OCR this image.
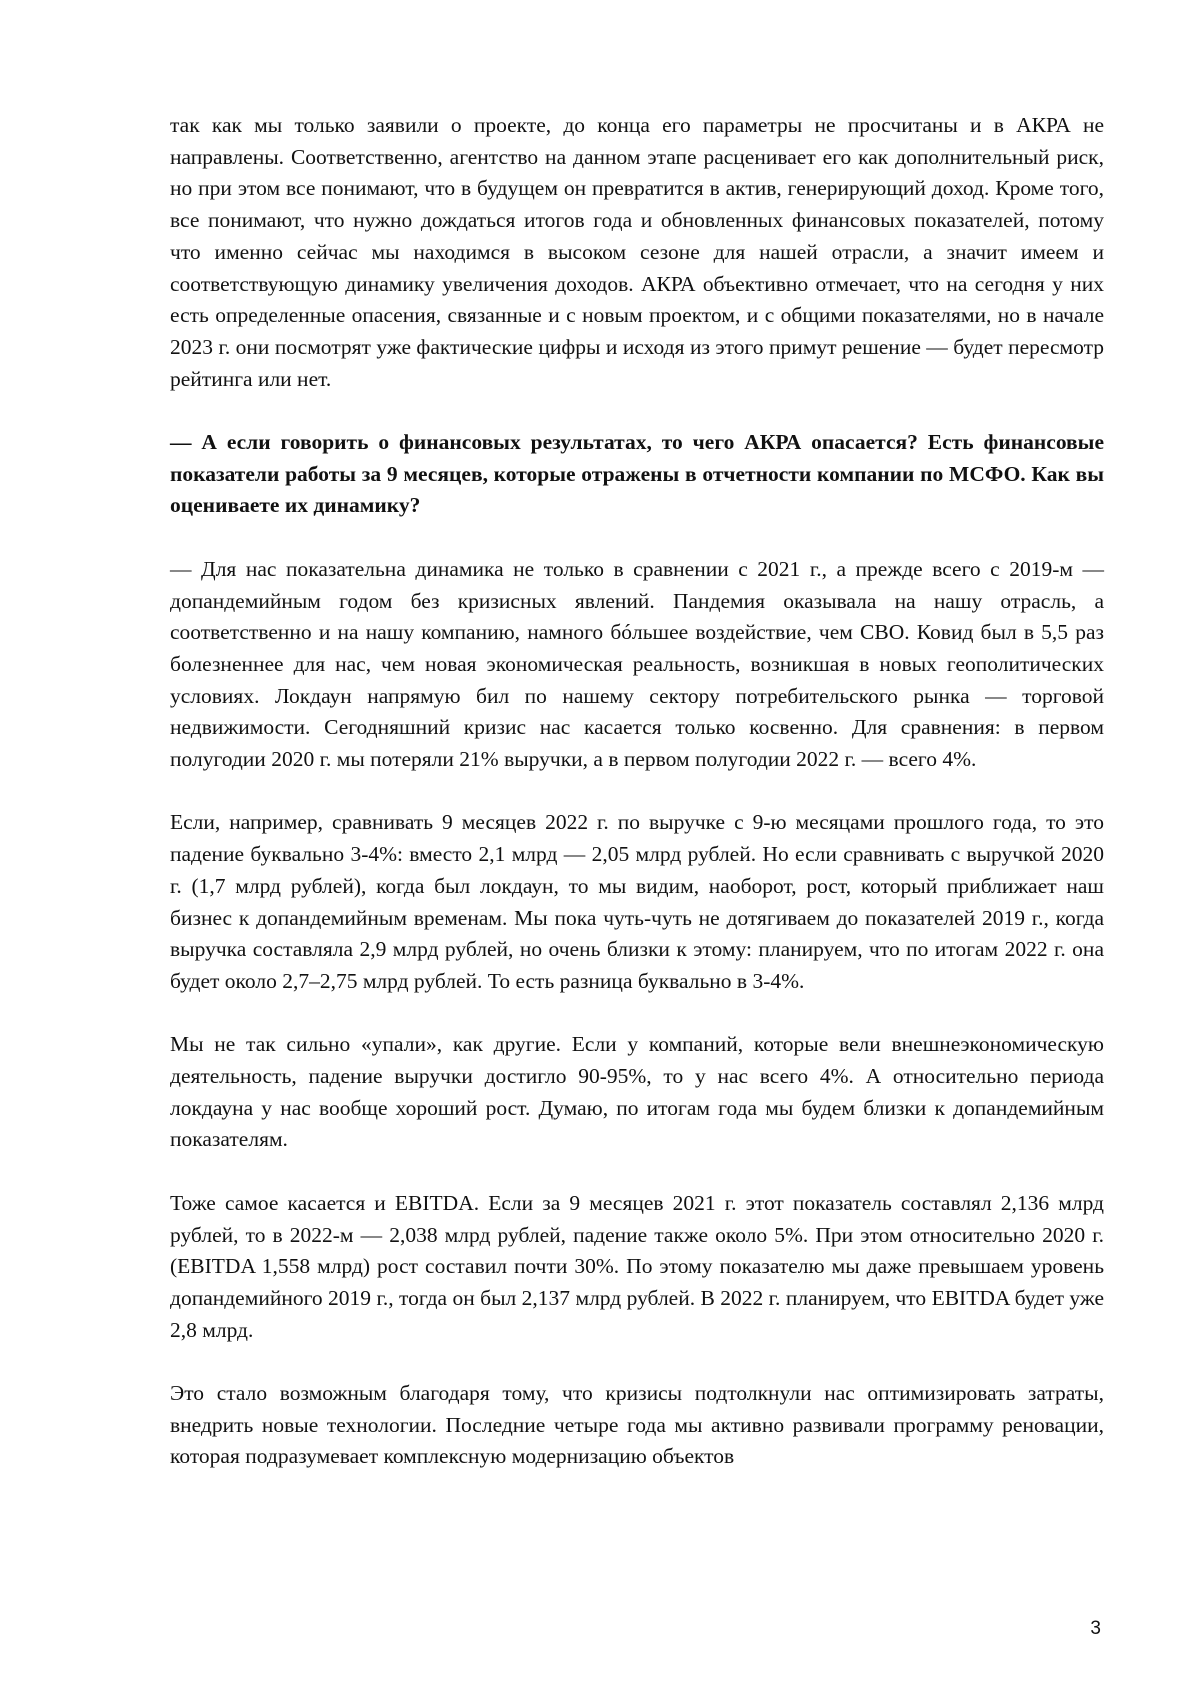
так как мы только заявили о проекте, до конца его параметры не просчитаны и в АКРА не направлены. Соответственно, агентство на данном этапе расценивает его как дополнительный риск, но при этом все понимают, что в будущем он превратится в актив, генерирующий доход. Кроме того, все понимают, что нужно дождаться итогов года и обновленных финансовых показателей, потому что именно сейчас мы находимся в высоком сезоне для нашей отрасли, а значит имеем и соответствующую динамику увеличения доходов. АКРА объективно отмечает, что на сегодня у них есть определенные опасения, связанные и с новым проектом, и с общими показателями, но в начале 2023 г. они посмотрят уже фактические цифры и исходя из этого примут решение — будет пересмотр рейтинга или нет.

— А если говорить о финансовых результатах, то чего АКРА опасается? Есть финансовые показатели работы за 9 месяцев, которые отражены в отчетности компании по МСФО. Как вы оцениваете их динамику?

— Для нас показательна динамика не только в сравнении с 2021 г., а прежде всего с 2019-м — допандемийным годом без кризисных явлений. Пандемия оказывала на нашу отрасль, а соответственно и на нашу компанию, намного бóльшее воздействие, чем СВО. Ковид был в 5,5 раз болезненнее для нас, чем новая экономическая реальность, возникшая в новых геополитических условиях. Локдаун напрямую бил по нашему сектору потребительского рынка — торговой недвижимости. Сегодняшний кризис нас касается только косвенно. Для сравнения: в первом полугодии 2020 г. мы потеряли 21% выручки, а в первом полугодии 2022 г. — всего 4%.

Если, например, сравнивать 9 месяцев 2022 г. по выручке с 9-ю месяцами прошлого года, то это падение буквально 3-4%: вместо 2,1 млрд — 2,05 млрд рублей. Но если сравнивать с выручкой 2020 г. (1,7 млрд рублей), когда был локдаун, то мы видим, наоборот, рост, который приближает наш бизнес к допандемийным временам. Мы пока чуть-чуть не дотягиваем до показателей 2019 г., когда выручка составляла 2,9 млрд рублей, но очень близки к этому: планируем, что по итогам 2022 г. она будет около 2,7–2,75 млрд рублей. То есть разница буквально в 3-4%.

Мы не так сильно «упали», как другие. Если у компаний, которые вели внешнеэкономическую деятельность, падение выручки достигло 90-95%, то у нас всего 4%. А относительно периода локдауна у нас вообще хороший рост. Думаю, по итогам года мы будем близки к допандемийным показателям.

Тоже самое касается и EBITDA. Если за 9 месяцев 2021 г. этот показатель составлял 2,136 млрд рублей, то в 2022-м — 2,038 млрд рублей, падение также около 5%. При этом относительно 2020 г. (EBITDA 1,558 млрд) рост составил почти 30%. По этому показателю мы даже превышаем уровень допандемийного 2019 г., тогда он был 2,137 млрд рублей. В 2022 г. планируем, что EBITDA будет уже 2,8 млрд.

Это стало возможным благодаря тому, что кризисы подтолкнули нас оптимизировать затраты, внедрить новые технологии. Последние четыре года мы активно развивали программу реновации, которая подразумевает комплексную модернизацию объектов

3
